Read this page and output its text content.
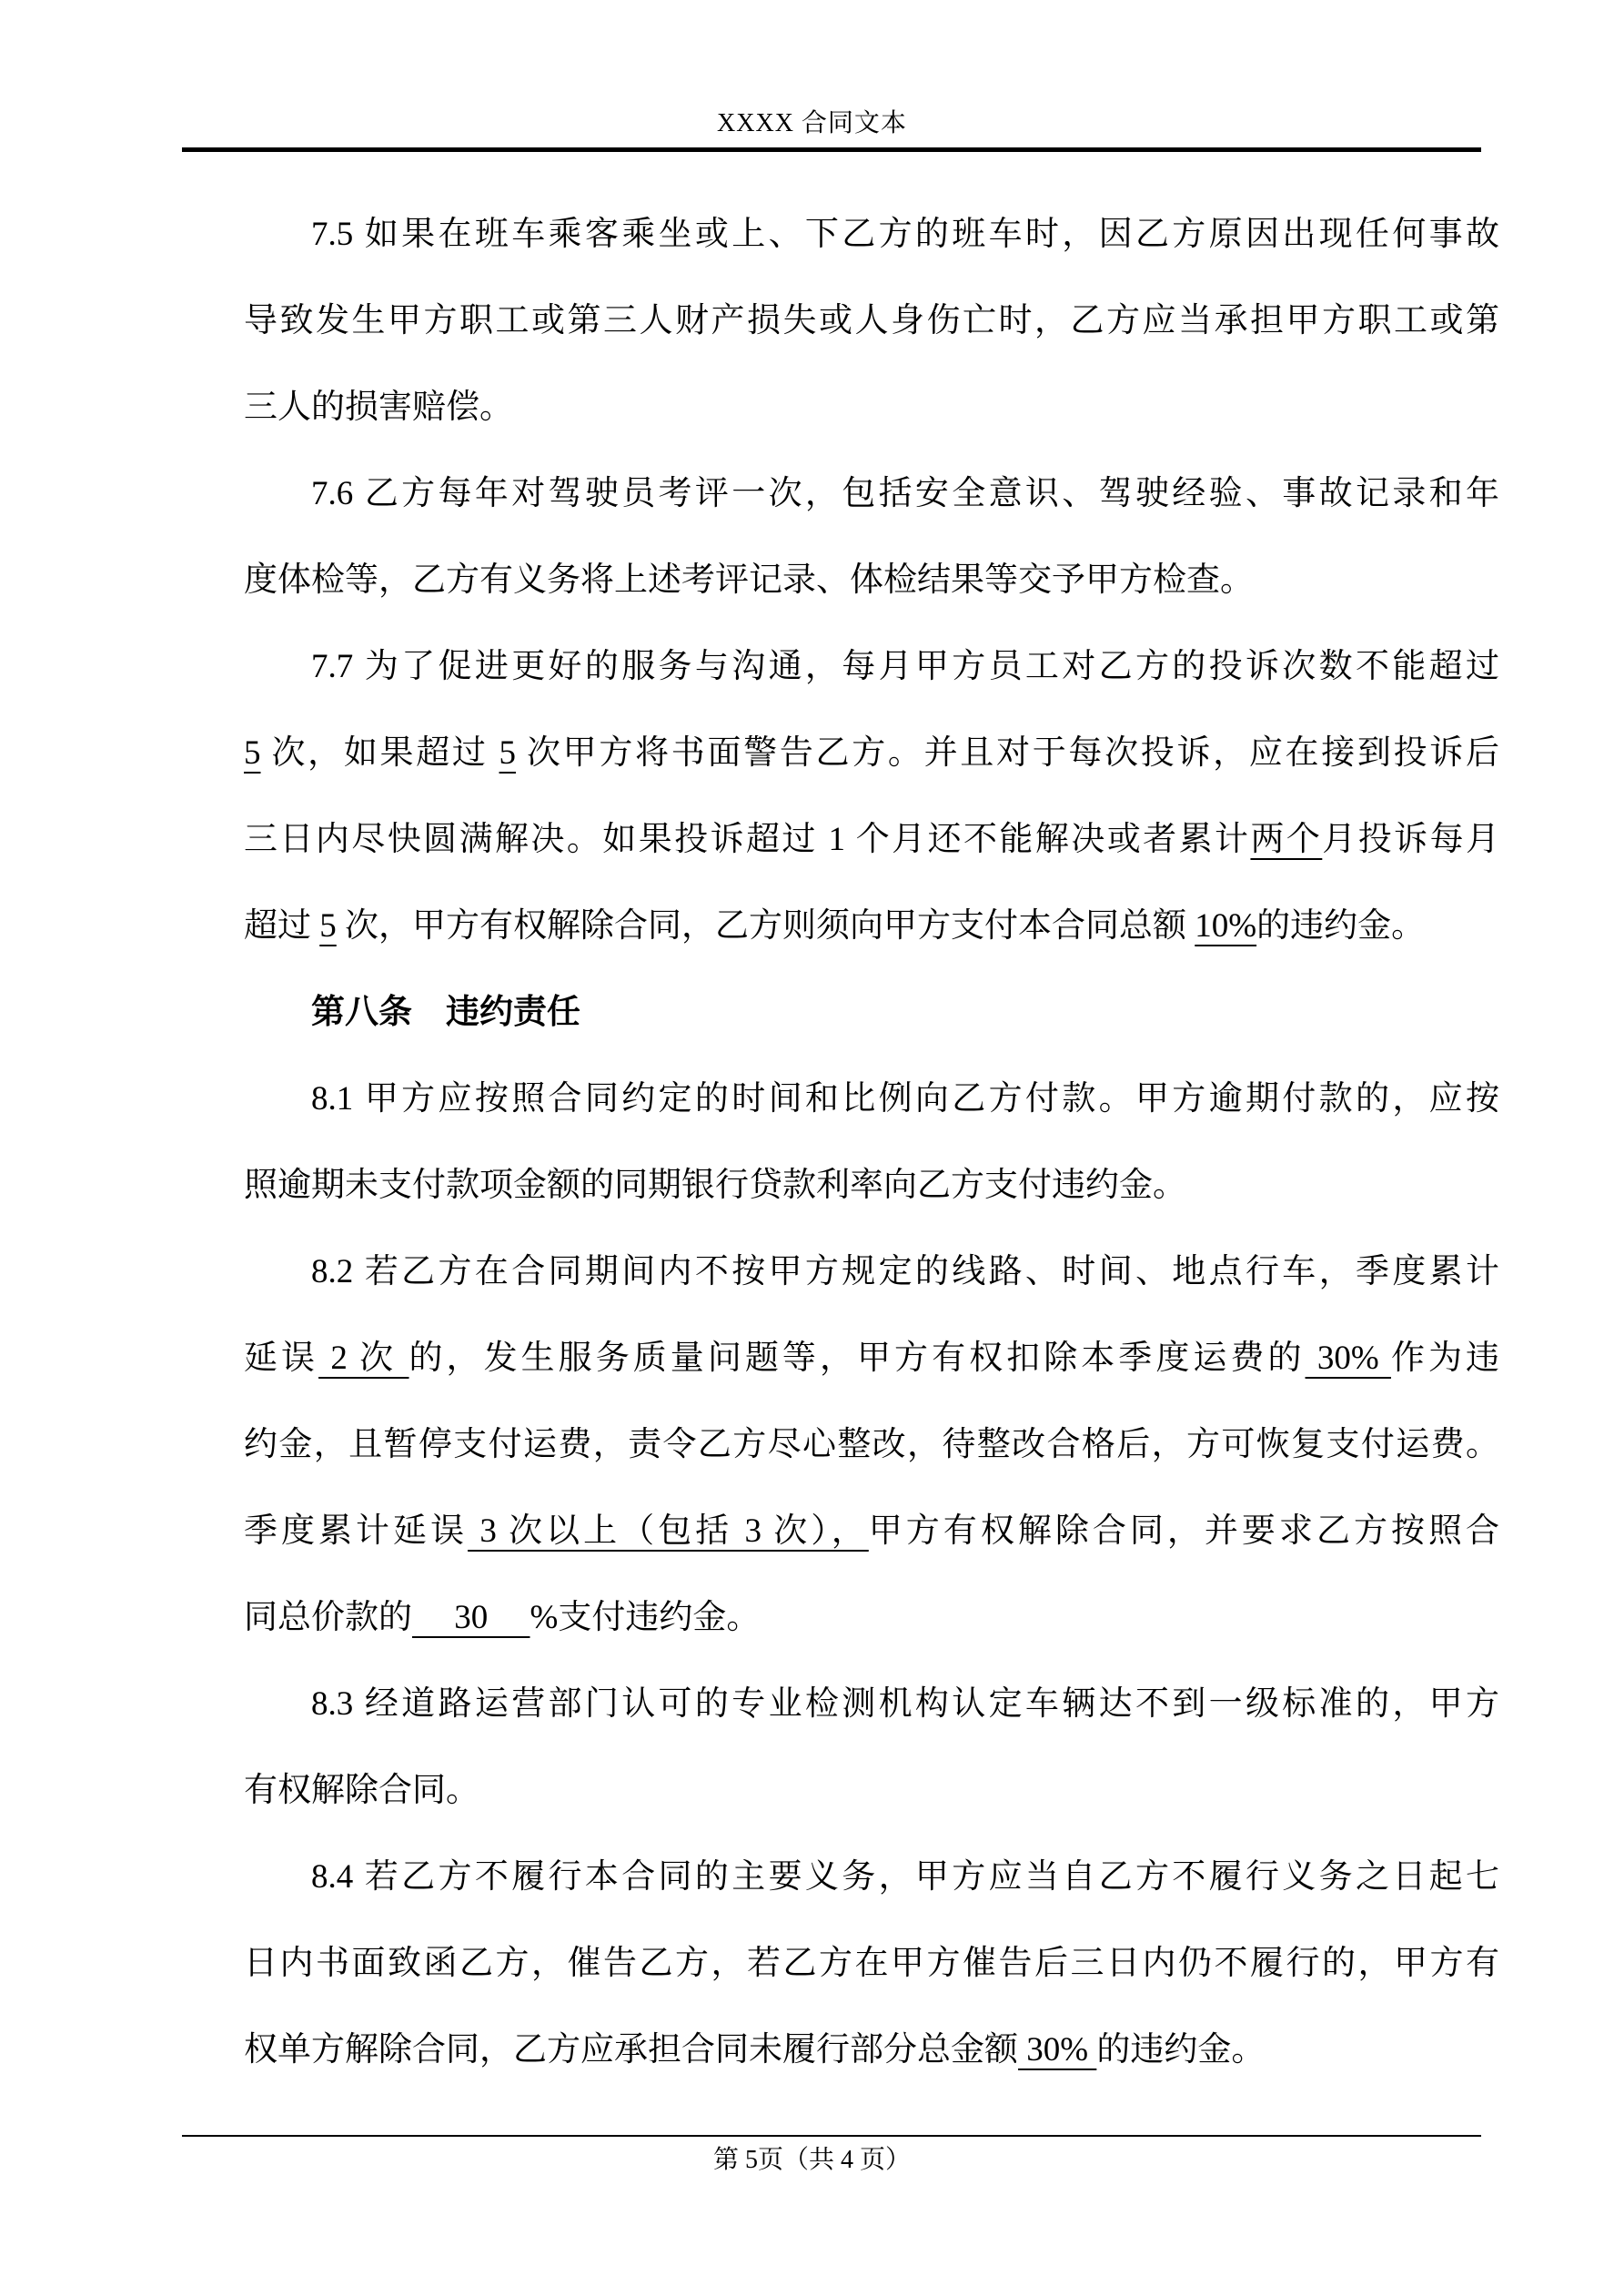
XXXX 合同文本
7.5 如果在班车乘客乘坐或上、下乙方的班车时，因乙方原因出现任何事故
导致发生甲方职工或第三人财产损失或人身伤亡时，乙方应当承担甲方职工或第
三人的损害赔偿。
7.6 乙方每年对驾驶员考评一次，包括安全意识、驾驶经验、事故记录和年
度体检等，乙方有义务将上述考评记录、体检结果等交予甲方检查。
7.7 为了促进更好的服务与沟通，每月甲方员工对乙方的投诉次数不能超过
5 次，如果超过 5 次甲方将书面警告乙方。并且对于每次投诉，应在接到投诉后
三日内尽快圆满解决。如果投诉超过 1 个月还不能解决或者累计两个月投诉每月
超过 5 次，甲方有权解除合同，乙方则须向甲方支付本合同总额 10%的违约金。
第八条　违约责任
8.1 甲方应按照合同约定的时间和比例向乙方付款。甲方逾期付款的，应按
照逾期未支付款项金额的同期银行贷款利率向乙方支付违约金。
8.2 若乙方在合同期间内不按甲方规定的线路、时间、地点行车，季度累计
延误 2 次 的，发生服务质量问题等，甲方有权扣除本季度运费的 30% 作为违
约金，且暂停支付运费，责令乙方尽心整改，待整改合格后，方可恢复支付运费。
季度累计延误 3 次以上（包括 3 次），甲方有权解除合同，并要求乙方按照合
同总价款的　 30 　%支付违约金。
8.3 经道路运营部门认可的专业检测机构认定车辆达不到一级标准的，甲方
有权解除合同。
8.4 若乙方不履行本合同的主要义务，甲方应当自乙方不履行义务之日起七
日内书面致函乙方，催告乙方，若乙方在甲方催告后三日内仍不履行的，甲方有
权单方解除合同，乙方应承担合同未履行部分总金额 30% 的违约金。
第 5页（共 4 页）
